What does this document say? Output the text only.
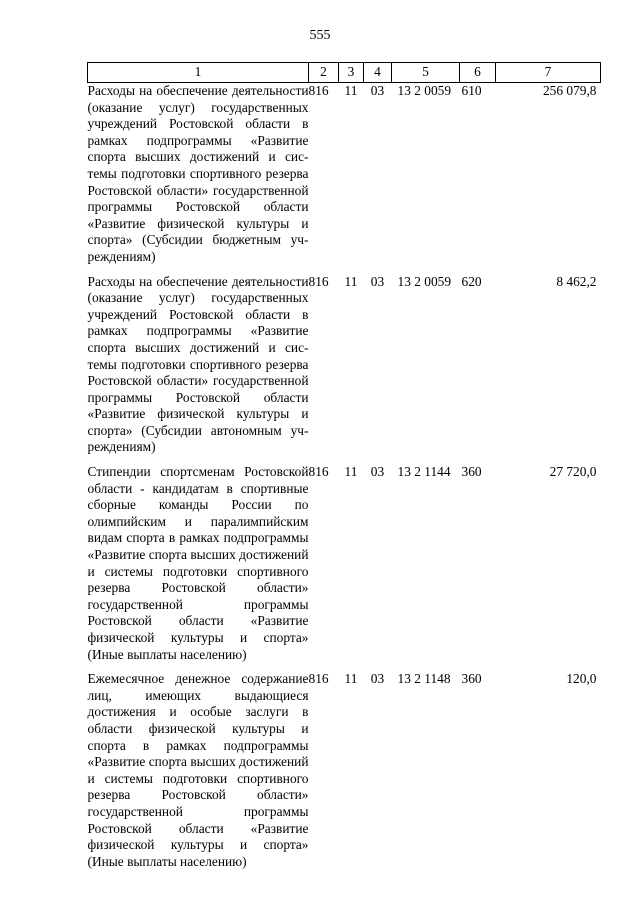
555
1	2	3	4	5	6	7
Расходы на обеспечение деятельности (оказание услуг) государственных учреждений Ростовской области в рамках подпрограммы «Развитие спорта высших достижений и системы подготовки спортивного резерва Ростовской области» государственной программы Ростовской области «Развитие физической культуры и спорта» (Субсидии бюджетным учреждениям)	816	11	03	13 2 0059	610	256 079,8
Расходы на обеспечение деятельности (оказание услуг) государственных учреждений Ростовской области в рамках подпрограммы «Развитие спорта высших достижений и системы подготовки спортивного резерва Ростовской области» государственной программы Ростовской области «Развитие физической культуры и спорта» (Субсидии автономным учреждениям)	816	11	03	13 2 0059	620	8 462,2
Стипендии спортсменам Ростовской области - кандидатам в спортивные сборные команды России по олимпийским и паралимпийским видам спорта в рамках подпрограммы «Развитие спорта высших достижений и системы подготовки спортивного резерва Ростовской области» государственной программы Ростовской области «Развитие физической культуры и спорта» (Иные выплаты населению)	816	11	03	13 2 1144	360	27 720,0
Ежемесячное денежное содержание лиц, имеющих выдающиеся достижения и особые заслуги в области физической культуры и спорта в рамках подпрограммы «Развитие спорта высших достижений и системы подготовки спортивного резерва Ростовской области» государственной программы Ростовской области «Развитие физической культуры и спорта» (Иные выплаты населению)	816	11	03	13 2 1148	360	120,0
